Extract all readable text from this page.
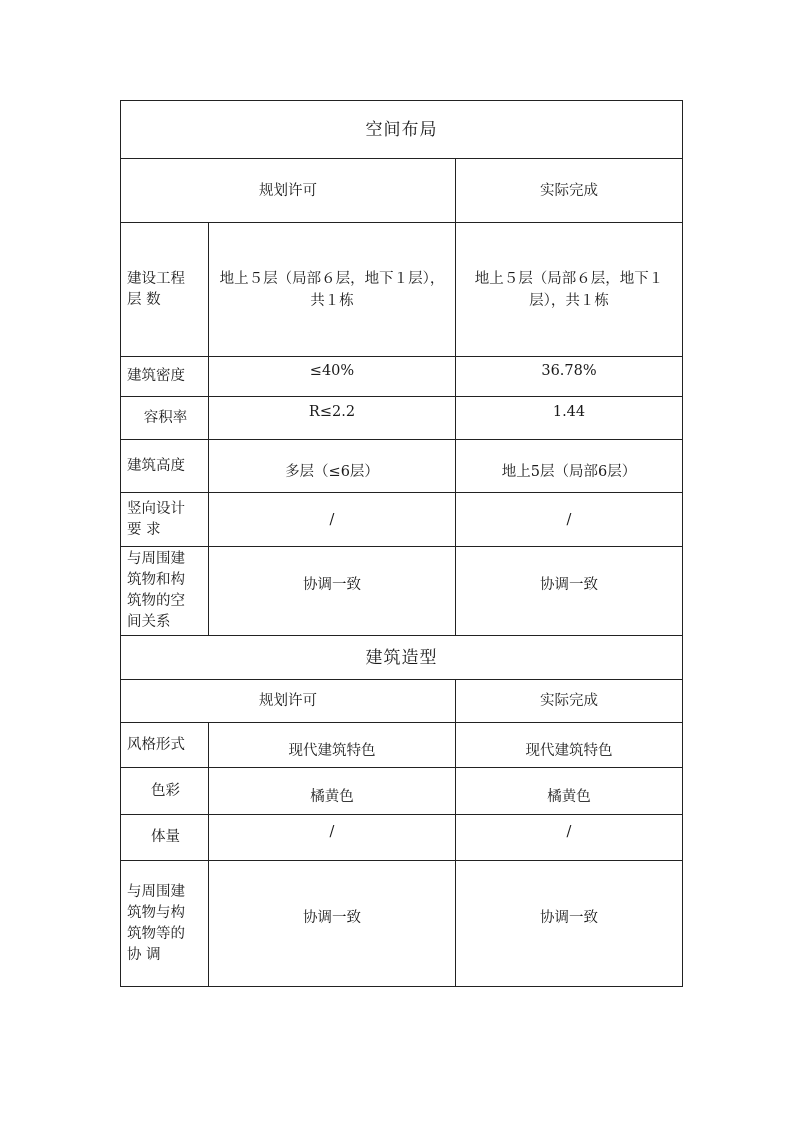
空间布局		
规划许可		实际完成

建设工程
层 数	地上５层（局部６层，地下１层），共１栋	地上５层（局部６层，地下１层），共１栋

建筑密度	≤40%	36.78%

容积率	R≤2.2	1.44

建筑高度	多层（≤6层）	地上5层（局部6层）

竖向设计
要 求	/	/

与周围建
筑物和构
筑物的空
间关系	协调一致	协调一致
建筑造型		
规划许可		实际完成

风格形式	现代建筑特色	现代建筑特色

色彩	橘黄色	橘黄色

体量	/	/

与周围建
筑物与构
筑物等的
协 调	协调一致	协调一致
